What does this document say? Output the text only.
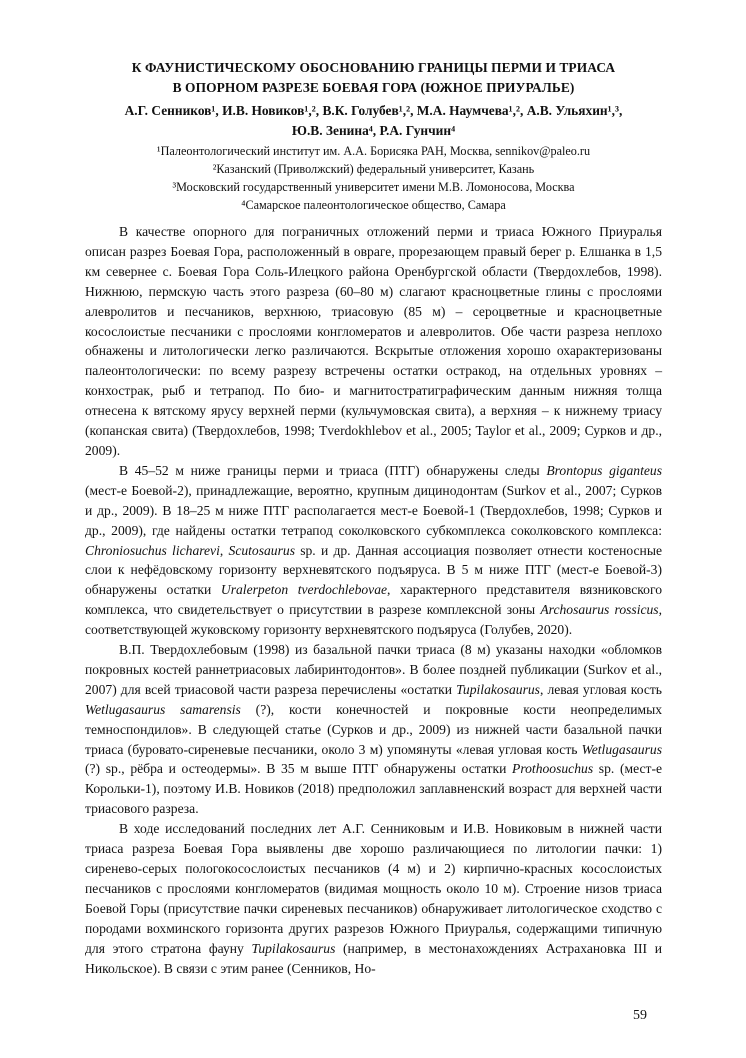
К ФАУНИСТИЧЕСКОМУ ОБОСНОВАНИЮ ГРАНИЦЫ ПЕРМИ И ТРИАСА
В ОПОРНОМ РАЗРЕЗЕ БОЕВАЯ ГОРА (ЮЖНОЕ ПРИУРАЛЬЕ)
А.Г. Сенников¹, И.В. Новиков¹,², В.К. Голубев¹,², М.А. Наумчева¹,², А.В. Ульяхин¹,³,
Ю.В. Зенина⁴, Р.А. Гунчин⁴
¹Палеонтологический институт им. А.А. Борисяка РАН, Москва, sennikov@paleo.ru
²Казанский (Приволжский) федеральный университет, Казань
³Московский государственный университет имени М.В. Ломоносова, Москва
⁴Самарское палеонтологическое общество, Самара

В качестве опорного для пограничных отложений перми и триаса Южного Приуралья описан разрез Боевая Гора, расположенный в овраге, прорезающем правый берег р. Елшанка в 1,5 км севернее с. Боевая Гора Соль-Илецкого района Оренбургской области (Твердохлебов, 1998). Нижнюю, пермскую часть этого разреза (60–80 м) слагают красноцветные глины с прослоями алевролитов и песчаников, верхнюю, триасовую (85 м) – сероцветные и красноцветные косослоистые песчаники с прослоями конгломератов и алевролитов. Обе части разреза неплохо обнажены и литологически легко различаются. Вскрытые отложения хорошо охарактеризованы палеонтологически: по всему разрезу встречены остатки остракод, на отдельных уровнях – конхострак, рыб и тетрапод. По био- и магнитостратиграфическим данным нижняя толща отнесена к вятскому ярусу верхней перми (кульчумовская свита), а верхняя – к нижнему триасу (копанская свита) (Твердохлебов, 1998; Tverdokhlebov et al., 2005; Taylor et al., 2009; Сурков и др., 2009).

В 45–52 м ниже границы перми и триаса (ПТГ) обнаружены следы Brontopus giganteus (мест-е Боевой-2), принадлежащие, вероятно, крупным дицинодонтам (Surkov et al., 2007; Сурков и др., 2009). В 18–25 м ниже ПТГ располагается мест-е Боевой-1 (Твердохлебов, 1998; Сурков и др., 2009), где найдены остатки тетрапод соколковского субкомплекса соколковского комплекса: Chroniosuchus licharevi, Scutosaurus sp. и др. Данная ассоциация позволяет отнести костеносные слои к нефёдовскому горизонту верхневятского подъяруса. В 5 м ниже ПТГ (мест-е Боевой-3) обнаружены остатки Uralerpeton tverdochlebovae, характерного представителя вязниковского комплекса, что свидетельствует о присутствии в разрезе комплексной зоны Archosaurus rossicus, соответствующей жуковскому горизонту верхневятского подъяруса (Голубев, 2020).

В.П. Твердохлебовым (1998) из базальной пачки триаса (8 м) указаны находки «обломков покровных костей раннетриасовых лабиринтодонтов». В более поздней публикации (Surkov et al., 2007) для всей триасовой части разреза перечислены «остатки Tupilakosaurus, левая угловая кость Wetlugasaurus samarensis (?), кости конечностей и покровные кости неопределимых темноспондилов». В следующей статье (Сурков и др., 2009) из нижней части базальной пачки триаса (буровато-сиреневые песчаники, около 3 м) упомянуты «левая угловая кость Wetlugasaurus (?) sp., рёбра и остеодермы». В 35 м выше ПТГ обнаружены остатки Prothoosuchus sp. (мест-е Корольки-1), поэтому И.В. Новиков (2018) предположил заплавненский возраст для верхней части триасового разреза.

В ходе исследований последних лет А.Г. Сенниковым и И.В. Новиковым в нижней части триаса разреза Боевая Гора выявлены две хорошо различающиеся по литологии пачки: 1) сиреневo-серых пологокосослоистых песчаников (4 м) и 2) кирпично-красных косослоистых песчаников с прослоями конгломератов (видимая мощность около 10 м). Строение низов триаса Боевой Горы (присутствие пачки сиреневых песчаников) обнаруживает литологическое сходство с породами вохминского горизонта других разрезов Южного Приуралья, содержащими типичную для этого стратона фауну Tupilakosaurus (например, в местонахождениях Астрахановка III и Никольское). В связи с этим ранее (Сенников, Но-

59
